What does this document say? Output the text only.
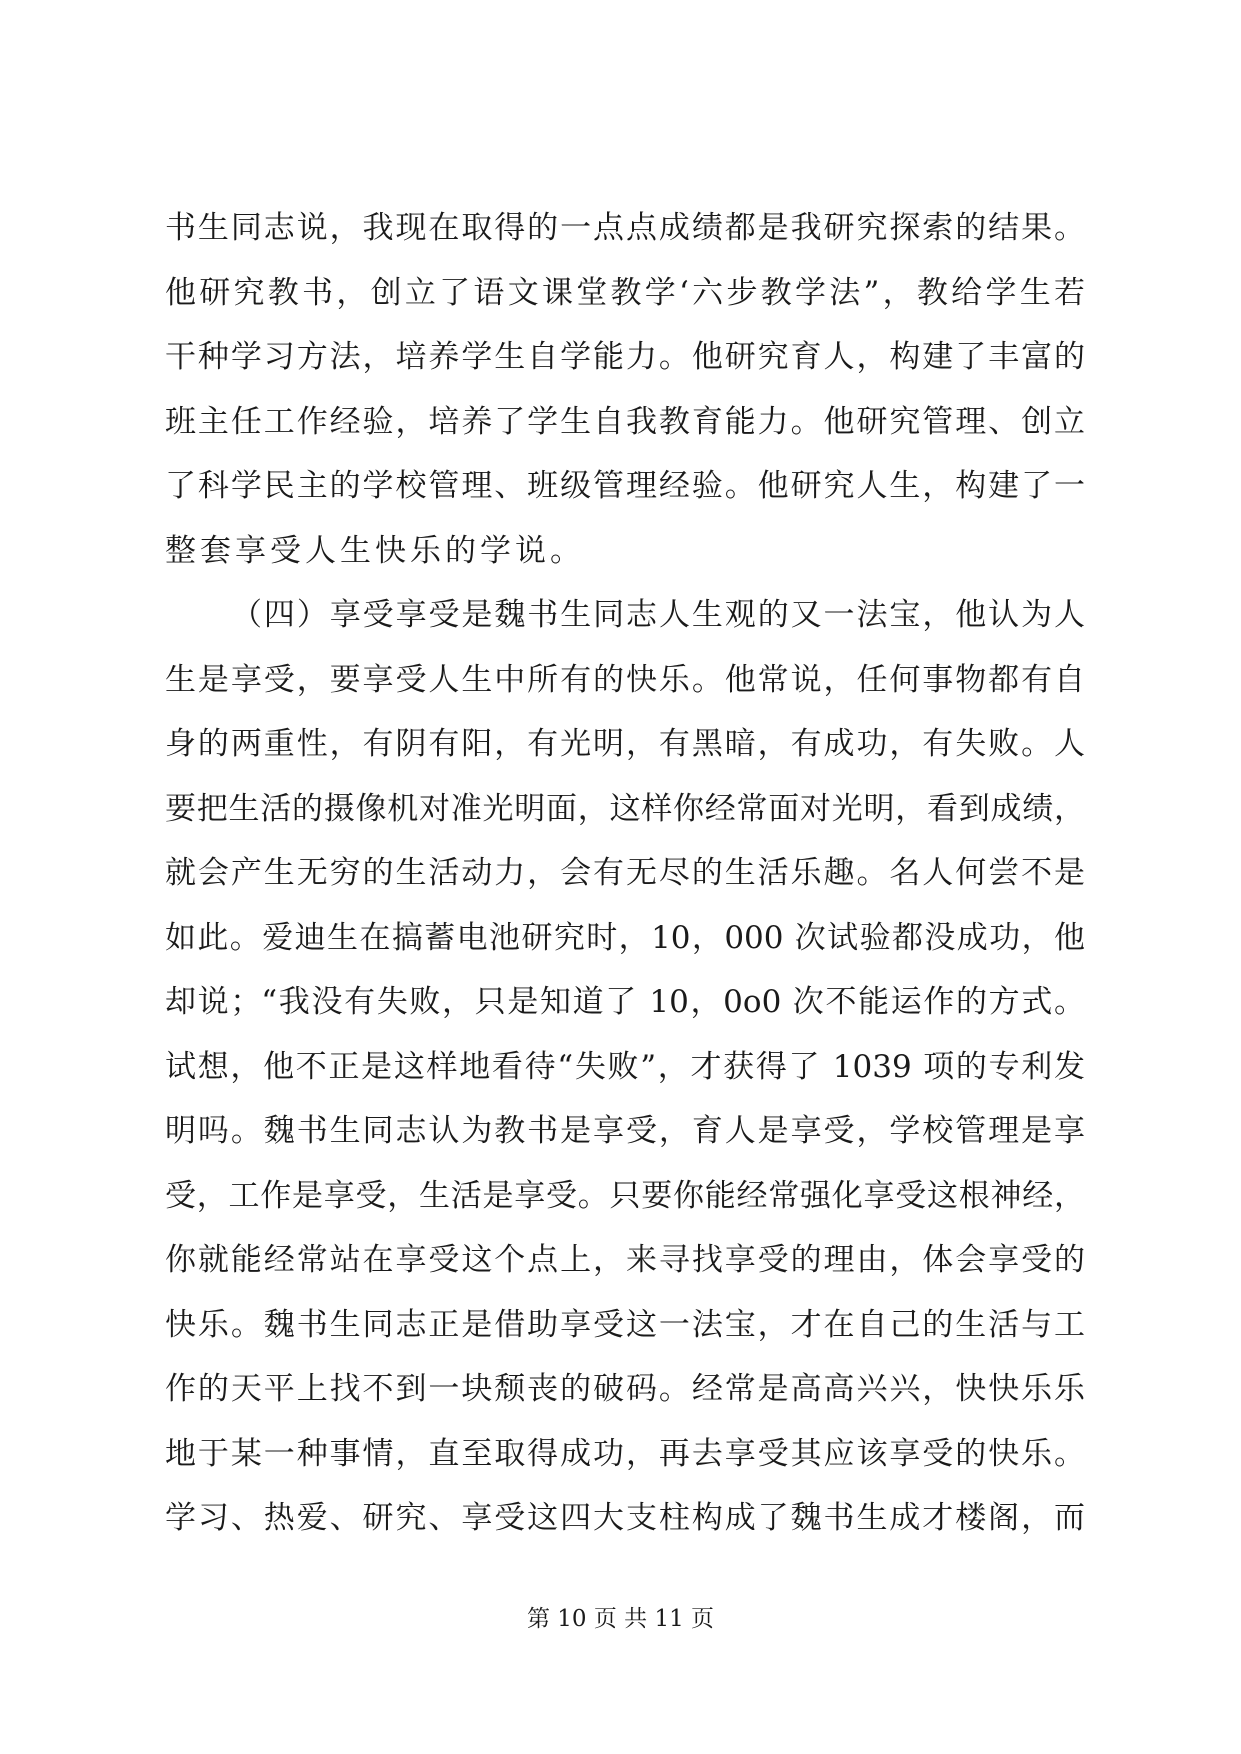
书生同志说，我现在取得的一点点成绩都是我研究探索的结果。
他研究教书，创立了语文课堂教学‘六步教学法”，教给学生若
干种学习方法，培养学生自学能力。他研究育人，构建了丰富的
班主任工作经验，培养了学生自我教育能力。他研究管理、创立
了科学民主的学校管理、班级管理经验。他研究人生，构建了一
整套享受人生快乐的学说。
（四）享受享受是魏书生同志人生观的又一法宝，他认为人
生是享受，要享受人生中所有的快乐。他常说，任何事物都有自
身的两重性，有阴有阳，有光明，有黑暗，有成功，有失败。人
要把生活的摄像机对准光明面，这样你经常面对光明，看到成绩，
就会产生无穷的生活动力，会有无尽的生活乐趣。名人何尝不是
如此。爱迪生在搞蓄电池研究时，10，000 次试验都没成功，他
却说；“我没有失败，只是知道了 10，0o0 次不能运作的方式。
试想，他不正是这样地看待“失败”，才获得了 1039 项的专利发
明吗。魏书生同志认为教书是享受，育人是享受，学校管理是享
受，工作是享受，生活是享受。只要你能经常强化享受这根神经，
你就能经常站在享受这个点上，来寻找享受的理由，体会享受的
快乐。魏书生同志正是借助享受这一法宝，才在自己的生活与工
作的天平上找不到一块颓丧的破码。经常是高高兴兴，快快乐乐
地于某一种事情，直至取得成功，再去享受其应该享受的快乐。
学习、热爱、研究、享受这四大支柱构成了魏书生成才楼阁，而
第 10 页 共 11 页
